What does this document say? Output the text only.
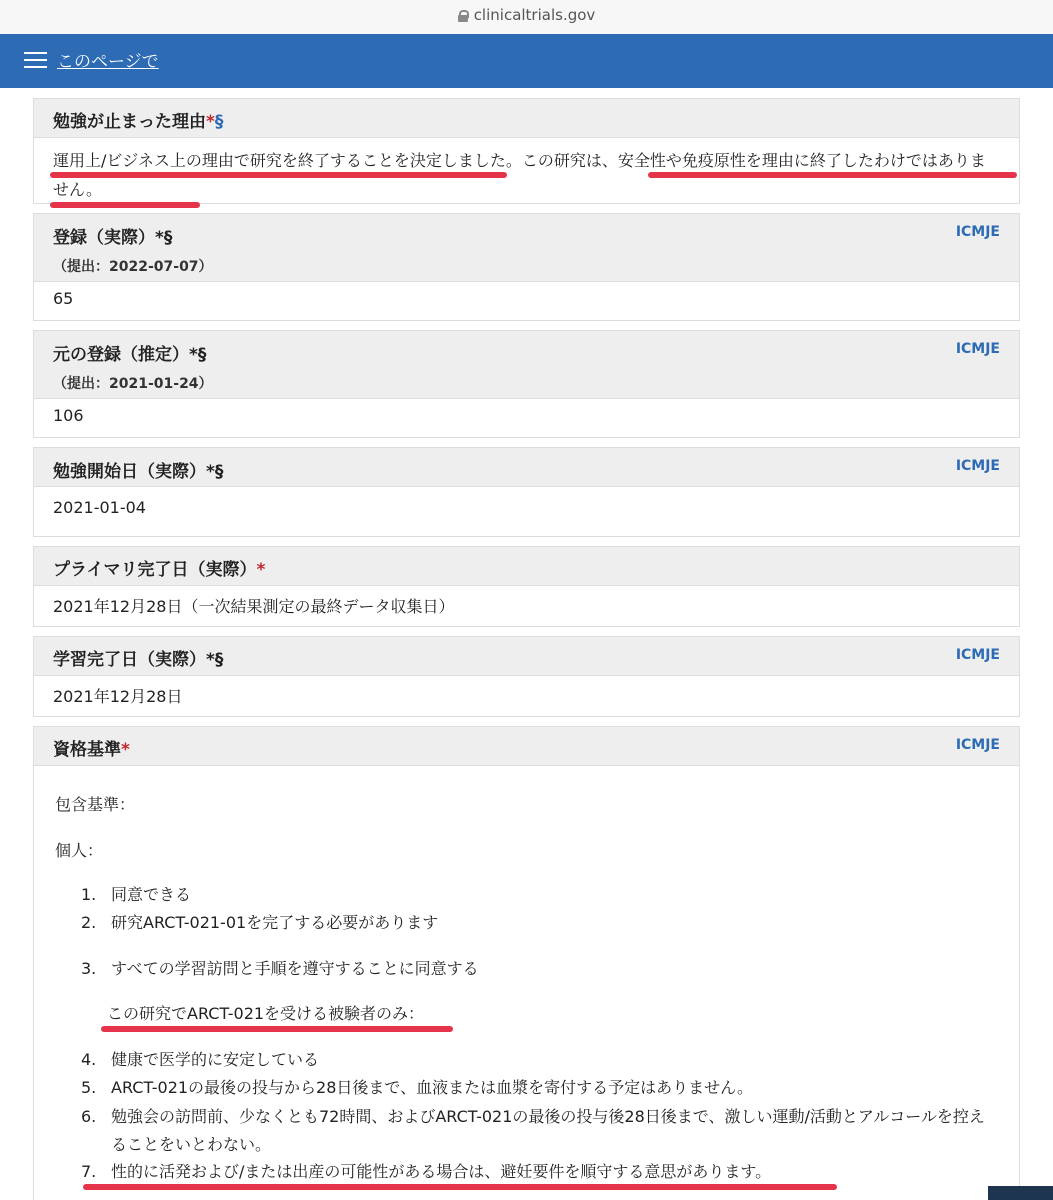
clinicaltrials.gov
このページで
勉強が止まった理由*§
運用上/ビジネス上の理由で研究を終了することを決定しました。この研究は、安全性や免疫原性を理由に終了したわけではありません。
登録（実際）*§
（提出：2022-07-07）
ICMJE
65
元の登録（推定）*§
（提出：2021-01-24）
ICMJE
106
勉強開始日（実際）*§	ICMJE
2021-01-04
プライマリ完了日（実際）*
2021年12月28日（一次結果測定の最終データ収集日）
学習完了日（実際）*§	ICMJE
2021年12月28日
資格基準*	ICMJE

包含基準：

個人：

1. 同意できる
2. 研究ARCT-021-01を完了する必要があります
3. すべての学習訪問と手順を遵守することに同意する

この研究でARCT-021を受ける被験者のみ：

4. 健康で医学的に安定している
5. ARCT-021の最後の投与から28日後まで、血液または血漿を寄付する予定はありません。
6. 勉強会の訪問前、少なくとも72時間、およびARCT-021の最後の投与後28日後まで、激しい運動/活動とアルコールを控えることをいとわない。
7. 性的に活発および/または出産の可能性がある場合は、避妊要件を順守する意思があります。
